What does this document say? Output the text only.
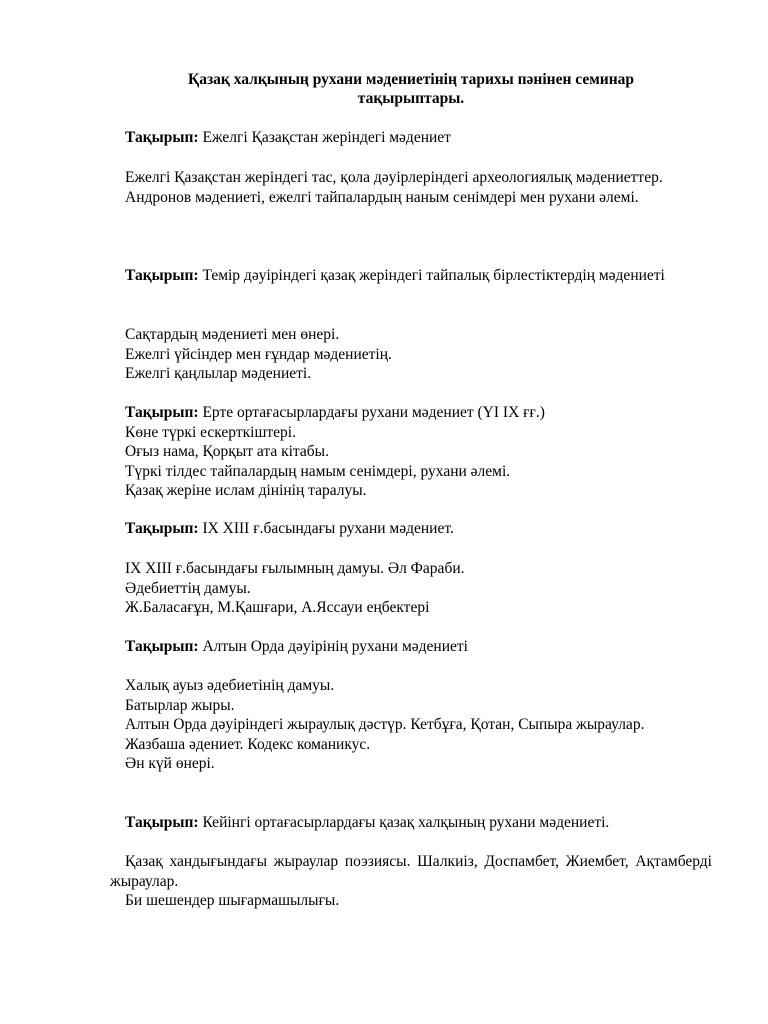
Қазақ халқының рухани мәдениетінің тарихы пәнінен семинар
тақырыптары.

Тақырып: Ежелгі Қазақстан жеріндегі мәдениет

Ежелгі Қазақстан жеріндегі тас, қола дәуірлеріндегі археологиялық мәдениеттер.

Андронов мәдениеті, ежелгі тайпалардың наным сенімдері мен рухани әлемі.

Тақырып: Темір дәуіріндегі қазақ жеріндегі тайпалық бірлестіктердің мәдениеті

Сақтардың мәдениеті мен өнері.

Ежелгі үйсіндер мен ғұндар мәдениетің.

Ежелгі қаңлылар мәдениеті.

Тақырып: Ерте ортағасырлардағы рухани мәдениет (YI IX ғғ.)

Көне түркі ескерткіштері.

Оғыз нама, Қорқыт ата кітабы.

Түркі тілдес тайпалардың намым сенімдері, рухани әлемі.

Қазақ жеріне ислам дінінің таралуы.

Тақырып: IX XIII ғ.басындағы рухани мәдениет.

IX XIII ғ.басындағы ғылымның дамуы. Әл Фараби.

Әдебиеттің дамуы.

Ж.Баласағұн, М.Қашғари, А.Яссауи еңбектері

Тақырып: Алтын Орда дәуірінің рухани мәдениеті

Халық ауыз әдебиетінің дамуы.

Батырлар жыры.

Алтын Орда дәуіріндегі жыраулық дәстүр. Кетбұға, Қотан, Сыпыра жыраулар.

Жазбаша әдениет. Кодекс команикус.

Ән күй өнері.

Тақырып: Кейінгі ортағасырлардағы қазақ халқының рухани мәдениеті.

Қазақ хандығындағы жыраулар поэзиясы. Шалкиіз, Доспамбет, Жиембет, Ақтамберді жыраулар.

Би шешендер шығармашылығы.
